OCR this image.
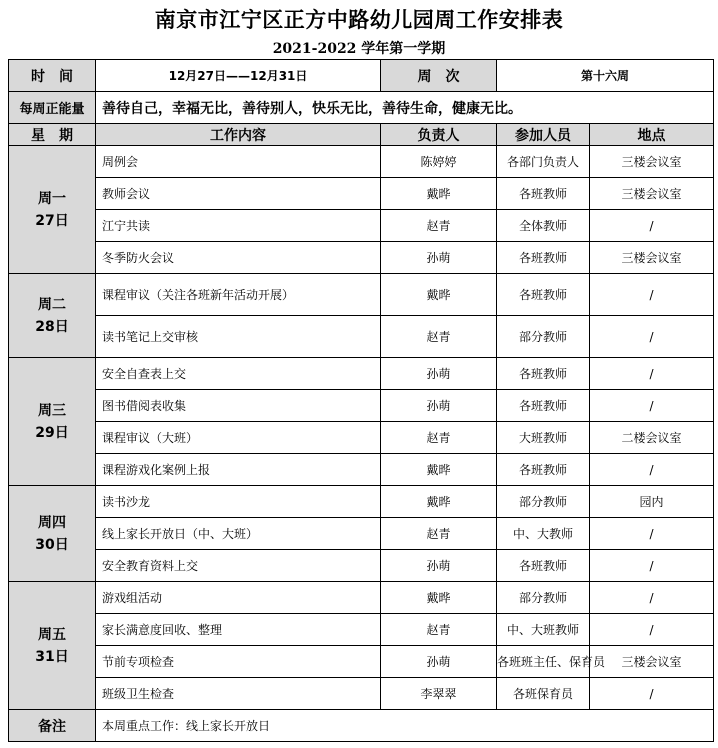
南京市江宁区正方中路幼儿园周工作安排表
2021-2022 学年第一学期
时　间	12月27日——12月31日	周　次	第十六周	
每周正能量	善待自己，幸福无比，善待别人，快乐无比，善待生命，健康无比。			
星　期	工作内容	负责人	参加人员	地点

周一
27日	周例会	陈婷婷	各部门负责人	三楼会议室
	教师会议	戴晔	各班教师	三楼会议室
	江宁共读	赵青	全体教师	/
	冬季防火会议	孙萌	各班教师	三楼会议室

周二
28日	课程审议（关注各班新年活动开展）	戴晔	各班教师	/
	读书笔记上交审核	赵青	部分教师	/

周三
29日	安全自查表上交	孙萌	各班教师	/
	图书借阅表收集	孙萌	各班教师	/
	课程审议（大班）	赵青	大班教师	二楼会议室
	课程游戏化案例上报	戴晔	各班教师	/

周四
30日	读书沙龙	戴晔	部分教师	园内
	线上家长开放日（中、大班）	赵青	中、大教师	/
	安全教育资料上交	孙萌	各班教师	/

周五
31日	游戏组活动	戴晔	部分教师	/
	家长满意度回收、整理	赵青	中、大班教师	/
	节前专项检查	孙萌	各班班主任、保育员	三楼会议室
	班级卫生检查	李翠翠	各班保育员	/
备注	本周重点工作：线上家长开放日			
